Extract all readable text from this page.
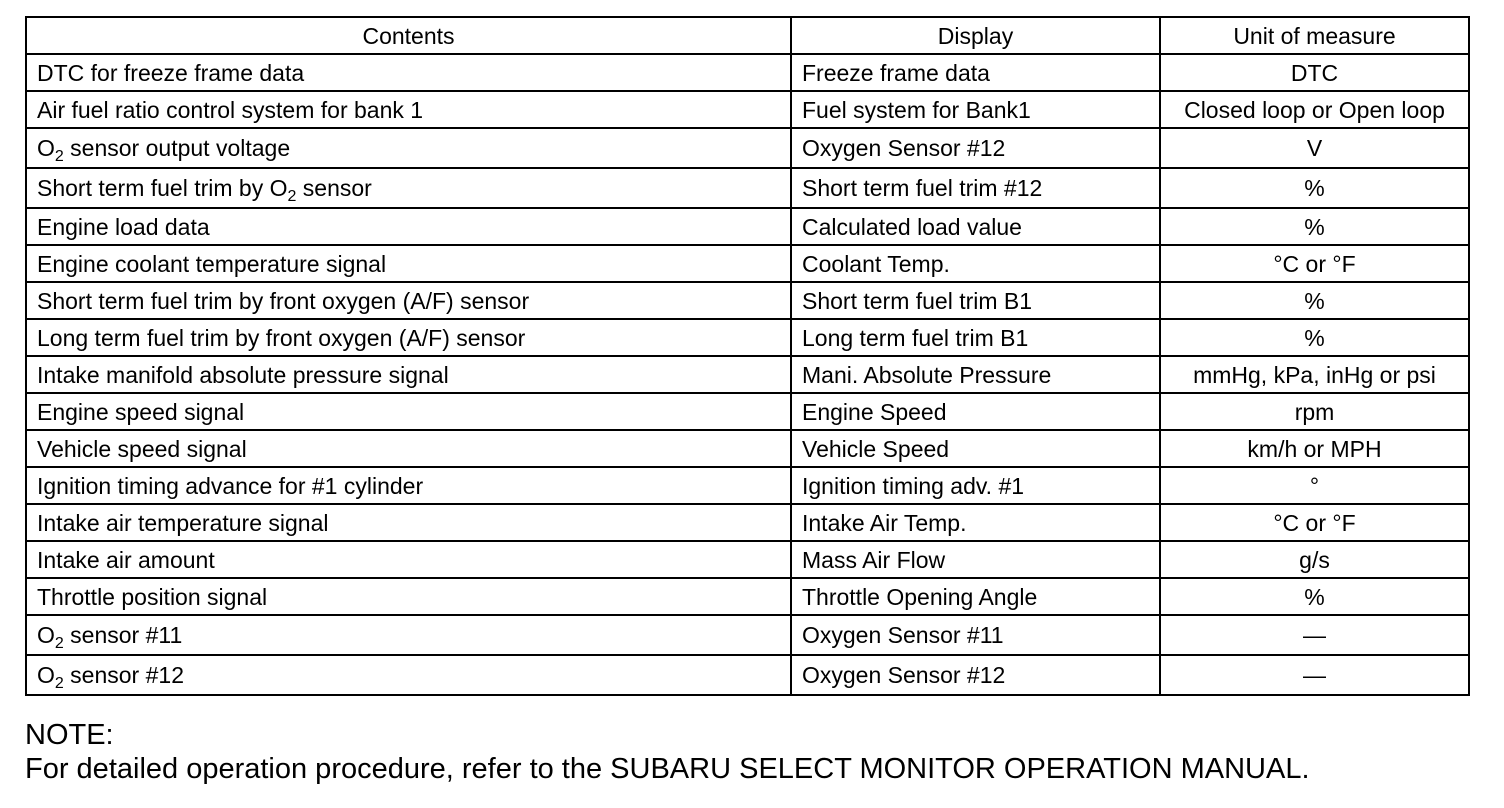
Contents	Display	Unit of measure
DTC for freeze frame data	Freeze frame data	DTC
Air fuel ratio control system for bank 1	Fuel system for Bank1	Closed loop or Open loop
$O_2$ sensor output voltage	Oxygen Sensor #12	V
Short term fuel trim by $O_2$ sensor	Short term fuel trim #12	%
Engine load data	Calculated load value	%
Engine coolant temperature signal	Coolant Temp.	°C or °F
Short term fuel trim by front oxygen (A/F) sensor	Short term fuel trim B1	%
Long term fuel trim by front oxygen (A/F) sensor	Long term fuel trim B1	%
Intake manifold absolute pressure signal	Mani. Absolute Pressure	mmHg, kPa, inHg or psi
Engine speed signal	Engine Speed	rpm
Vehicle speed signal	Vehicle Speed	km/h or MPH
Ignition timing advance for #1 cylinder	Ignition timing adv. #1	°
Intake air temperature signal	Intake Air Temp.	°C or °F
Intake air amount	Mass Air Flow	g/s
Throttle position signal	Throttle Opening Angle	%
$O_2$ sensor #11	Oxygen Sensor #11	—
$O_2$ sensor #12	Oxygen Sensor #12	—
NOTE:
For detailed operation procedure, refer to the SUBARU SELECT MONITOR OPERATION MANUAL.
